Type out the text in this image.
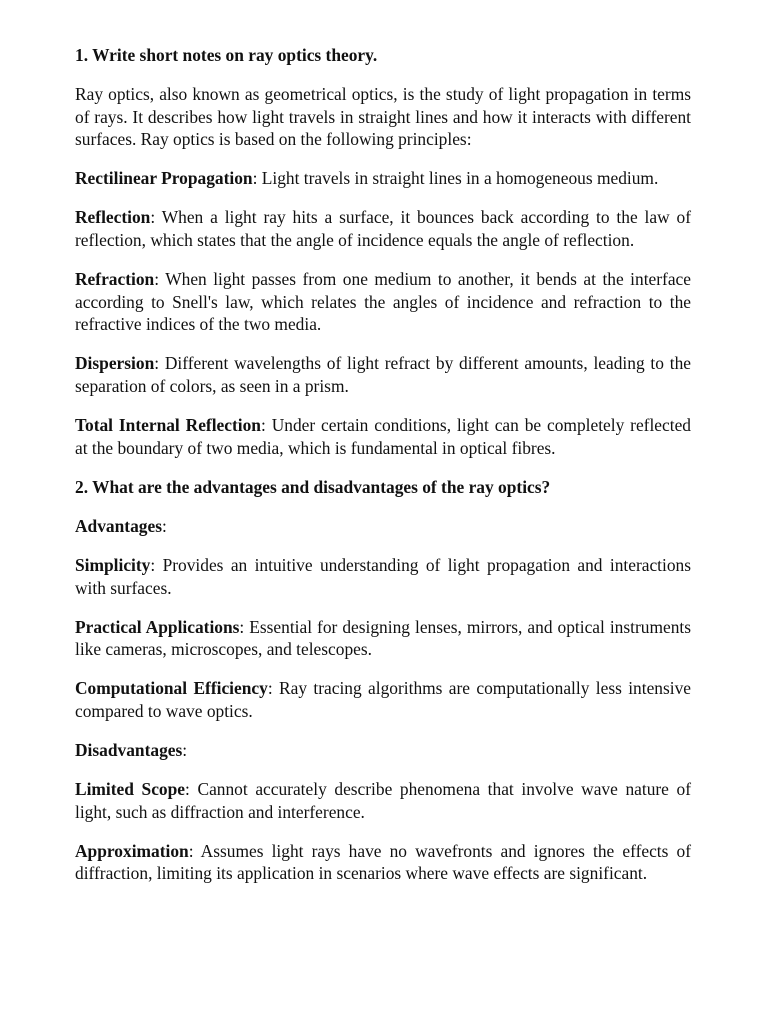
1. Write short notes on ray optics theory.

Ray optics, also known as geometrical optics, is the study of light propagation in terms of rays. It describes how light travels in straight lines and how it interacts with different surfaces. Ray optics is based on the following principles:

Rectilinear Propagation: Light travels in straight lines in a homogeneous medium.

Reflection: When a light ray hits a surface, it bounces back according to the law of reflection, which states that the angle of incidence equals the angle of reflection.

Refraction: When light passes from one medium to another, it bends at the interface according to Snell's law, which relates the angles of incidence and refraction to the refractive indices of the two media.

Dispersion: Different wavelengths of light refract by different amounts, leading to the separation of colors, as seen in a prism.

Total Internal Reflection: Under certain conditions, light can be completely reflected at the boundary of two media, which is fundamental in optical fibres.

2. What are the advantages and disadvantages of the ray optics?

Advantages:

Simplicity: Provides an intuitive understanding of light propagation and interactions with surfaces.

Practical Applications: Essential for designing lenses, mirrors, and optical instruments like cameras, microscopes, and telescopes.

Computational Efficiency: Ray tracing algorithms are computationally less intensive compared to wave optics.

Disadvantages:

Limited Scope: Cannot accurately describe phenomena that involve wave nature of light, such as diffraction and interference.

Approximation: Assumes light rays have no wavefronts and ignores the effects of diffraction, limiting its application in scenarios where wave effects are significant.
